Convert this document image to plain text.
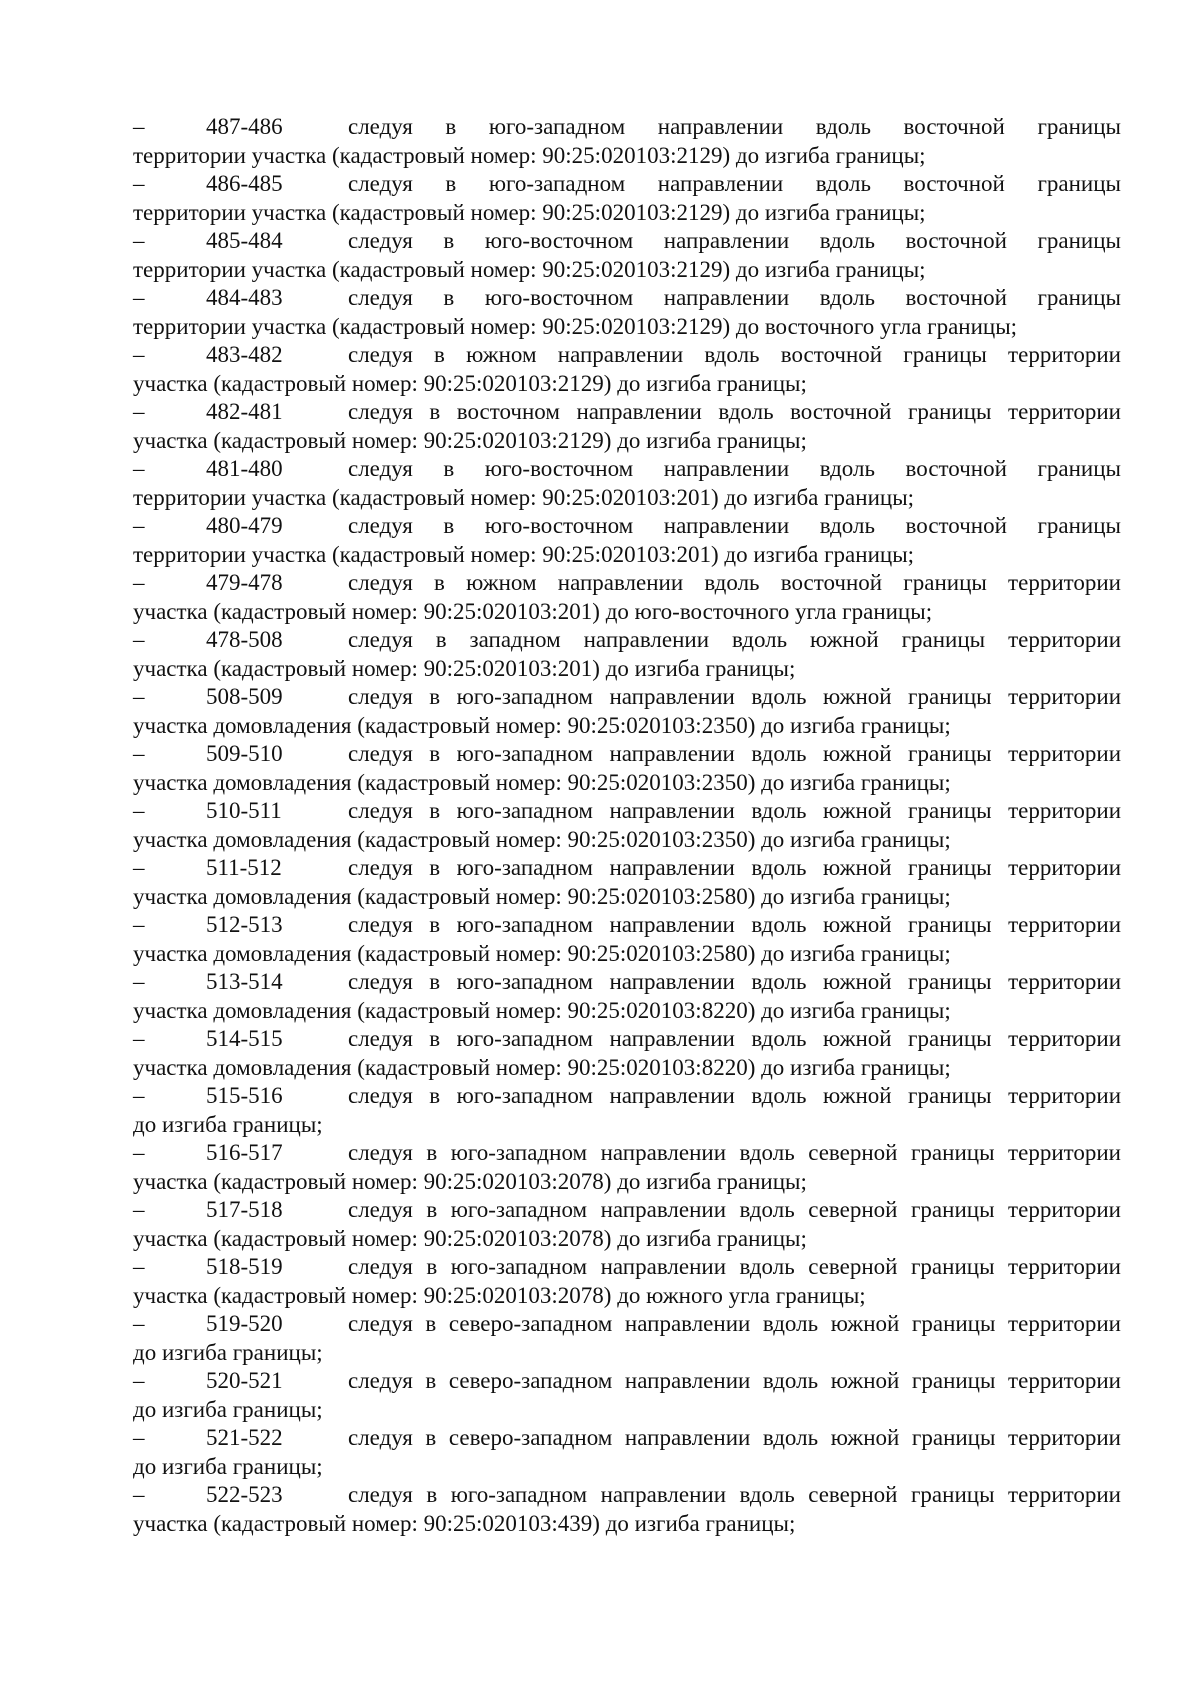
–	487-486	следуя в юго-западном направлении вдоль восточной границы
территории участка (кадастровый номер: 90:25:020103:2129) до изгиба границы;
–	486-485	следуя в юго-западном направлении вдоль восточной границы
территории участка (кадастровый номер: 90:25:020103:2129) до изгиба границы;
–	485-484	следуя в юго-восточном направлении вдоль восточной границы
территории участка (кадастровый номер: 90:25:020103:2129) до изгиба границы;
–	484-483	следуя в юго-восточном направлении вдоль восточной границы
территории участка (кадастровый номер: 90:25:020103:2129) до восточного угла границы;
–	483-482	следуя в южном направлении вдоль восточной границы территории
участка (кадастровый номер: 90:25:020103:2129) до изгиба границы;
–	482-481	следуя в восточном направлении вдоль восточной границы территории
участка (кадастровый номер: 90:25:020103:2129) до изгиба границы;
–	481-480	следуя в юго-восточном направлении вдоль восточной границы
территории участка (кадастровый номер: 90:25:020103:201) до изгиба границы;
–	480-479	следуя в юго-восточном направлении вдоль восточной границы
территории участка (кадастровый номер: 90:25:020103:201) до изгиба границы;
–	479-478	следуя в южном направлении вдоль восточной границы территории
участка (кадастровый номер: 90:25:020103:201) до юго-восточного угла границы;
–	478-508	следуя в западном направлении вдоль южной границы территории
участка (кадастровый номер: 90:25:020103:201) до изгиба границы;
–	508-509	следуя в юго-западном направлении вдоль южной границы территории
участка домовладения (кадастровый номер: 90:25:020103:2350) до изгиба границы;
–	509-510	следуя в юго-западном направлении вдоль южной границы территории
участка домовладения (кадастровый номер: 90:25:020103:2350) до изгиба границы;
–	510-511	следуя в юго-западном направлении вдоль южной границы территории
участка домовладения (кадастровый номер: 90:25:020103:2350) до изгиба границы;
–	511-512	следуя в юго-западном направлении вдоль южной границы территории
участка домовладения (кадастровый номер: 90:25:020103:2580) до изгиба границы;
–	512-513	следуя в юго-западном направлении вдоль южной границы территории
участка домовладения (кадастровый номер: 90:25:020103:2580) до изгиба границы;
–	513-514	следуя в юго-западном направлении вдоль южной границы территории
участка домовладения (кадастровый номер: 90:25:020103:8220) до изгиба границы;
–	514-515	следуя в юго-западном направлении вдоль южной границы территории
участка домовладения (кадастровый номер: 90:25:020103:8220) до изгиба границы;
–	515-516	следуя в юго-западном направлении вдоль южной границы территории
до изгиба границы;
–	516-517	следуя в юго-западном направлении вдоль северной границы территории
участка (кадастровый номер: 90:25:020103:2078) до изгиба границы;
–	517-518	следуя в юго-западном направлении вдоль северной границы территории
участка (кадастровый номер: 90:25:020103:2078) до изгиба границы;
–	518-519	следуя в юго-западном направлении вдоль северной границы территории
участка (кадастровый номер: 90:25:020103:2078) до южного угла границы;
–	519-520	следуя в северо-западном направлении вдоль южной границы территории
до изгиба границы;
–	520-521	следуя в северо-западном направлении вдоль южной границы территории
до изгиба границы;
–	521-522	следуя в северо-западном направлении вдоль южной границы территории
до изгиба границы;
–	522-523	следуя в юго-западном направлении вдоль северной границы территории
участка (кадастровый номер: 90:25:020103:439) до изгиба границы;
